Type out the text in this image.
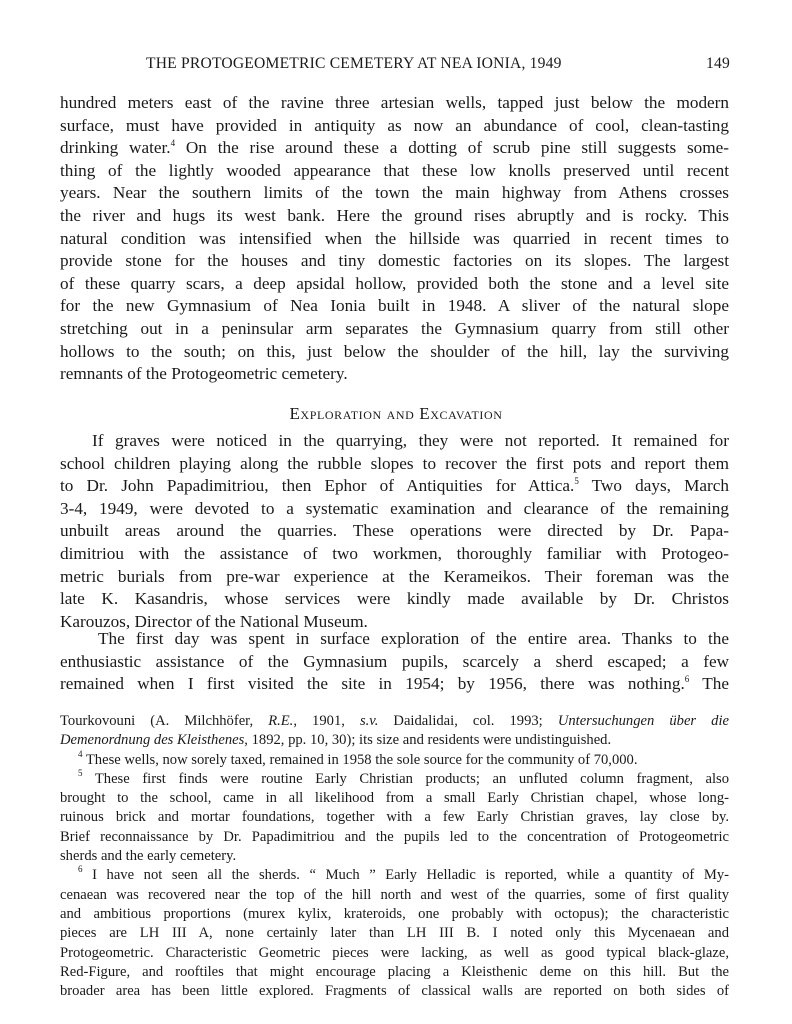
THE PROTOGEOMETRIC CEMETERY AT NEA IONIA, 1949	149
hundred meters east of the ravine three artesian wells, tapped just below the modern
surface, must have provided in antiquity as now an abundance of cool, clean-tasting
drinking water.$^4$ On the rise around these a dotting of scrub pine still suggests some-
thing of the lightly wooded appearance that these low knolls preserved until recent
years. Near the southern limits of the town the main highway from Athens crosses
the river and hugs its west bank. Here the ground rises abruptly and is rocky. This
natural condition was intensified when the hillside was quarried in recent times to
provide stone for the houses and tiny domestic factories on its slopes. The largest
of these quarry scars, a deep apsidal hollow, provided both the stone and a level site
for the new Gymnasium of Nea Ionia built in 1948. A sliver of the natural slope
stretching out in a peninsular arm separates the Gymnasium quarry from still other
hollows to the south; on this, just below the shoulder of the hill, lay the surviving
remnants of the Protogeometric cemetery.
Exploration and Excavation
If graves were noticed in the quarrying, they were not reported. It remained for
school children playing along the rubble slopes to recover the first pots and report them
to Dr. John Papadimitriou, then Ephor of Antiquities for Attica.$^5$ Two days, March
3-4, 1949, were devoted to a systematic examination and clearance of the remaining
unbuilt areas around the quarries. These operations were directed by Dr. Papa-
dimitriou with the assistance of two workmen, thoroughly familiar with Protogeo-
metric burials from pre-war experience at the Kerameikos. Their foreman was the
late K. Kasandris, whose services were kindly made available by Dr. Christos
Karouzos, Director of the National Museum.
The first day was spent in surface exploration of the entire area. Thanks to the
enthusiastic assistance of the Gymnasium pupils, scarcely a sherd escaped; a few
remained when I first visited the site in 1954; by 1956, there was nothing.$^6$ The
Tourkovouni (A. Milchhöfer, R.E., 1901, s.v. Daidalidai, col. 1993; Untersuchungen über die
Demenordnung des Kleisthenes, 1892, pp. 10, 30); its size and residents were undistinguished.
$^4$ These wells, now sorely taxed, remained in 1958 the sole source for the community of 70,000.
$^5$ These first finds were routine Early Christian products; an unfluted column fragment, also
brought to the school, came in all likelihood from a small Early Christian chapel, whose long-
ruinous brick and mortar foundations, together with a few Early Christian graves, lay close by.
Brief reconnaissance by Dr. Papadimitriou and the pupils led to the concentration of Protogeometric
sherds and the early cemetery.
$^6$ I have not seen all the sherds. “ Much ” Early Helladic is reported, while a quantity of My-
cenaean was recovered near the top of the hill north and west of the quarries, some of first quality
and ambitious proportions (murex kylix, krateroids, one probably with octopus); the characteristic
pieces are LH III A, none certainly later than LH III B. I noted only this Mycenaean and
Protogeometric. Characteristic Geometric pieces were lacking, as well as good typical black-glaze,
Red-Figure, and rooftiles that might encourage placing a Kleisthenic deme on this hill. But the
broader area has been little explored. Fragments of classical walls are reported on both sides of
